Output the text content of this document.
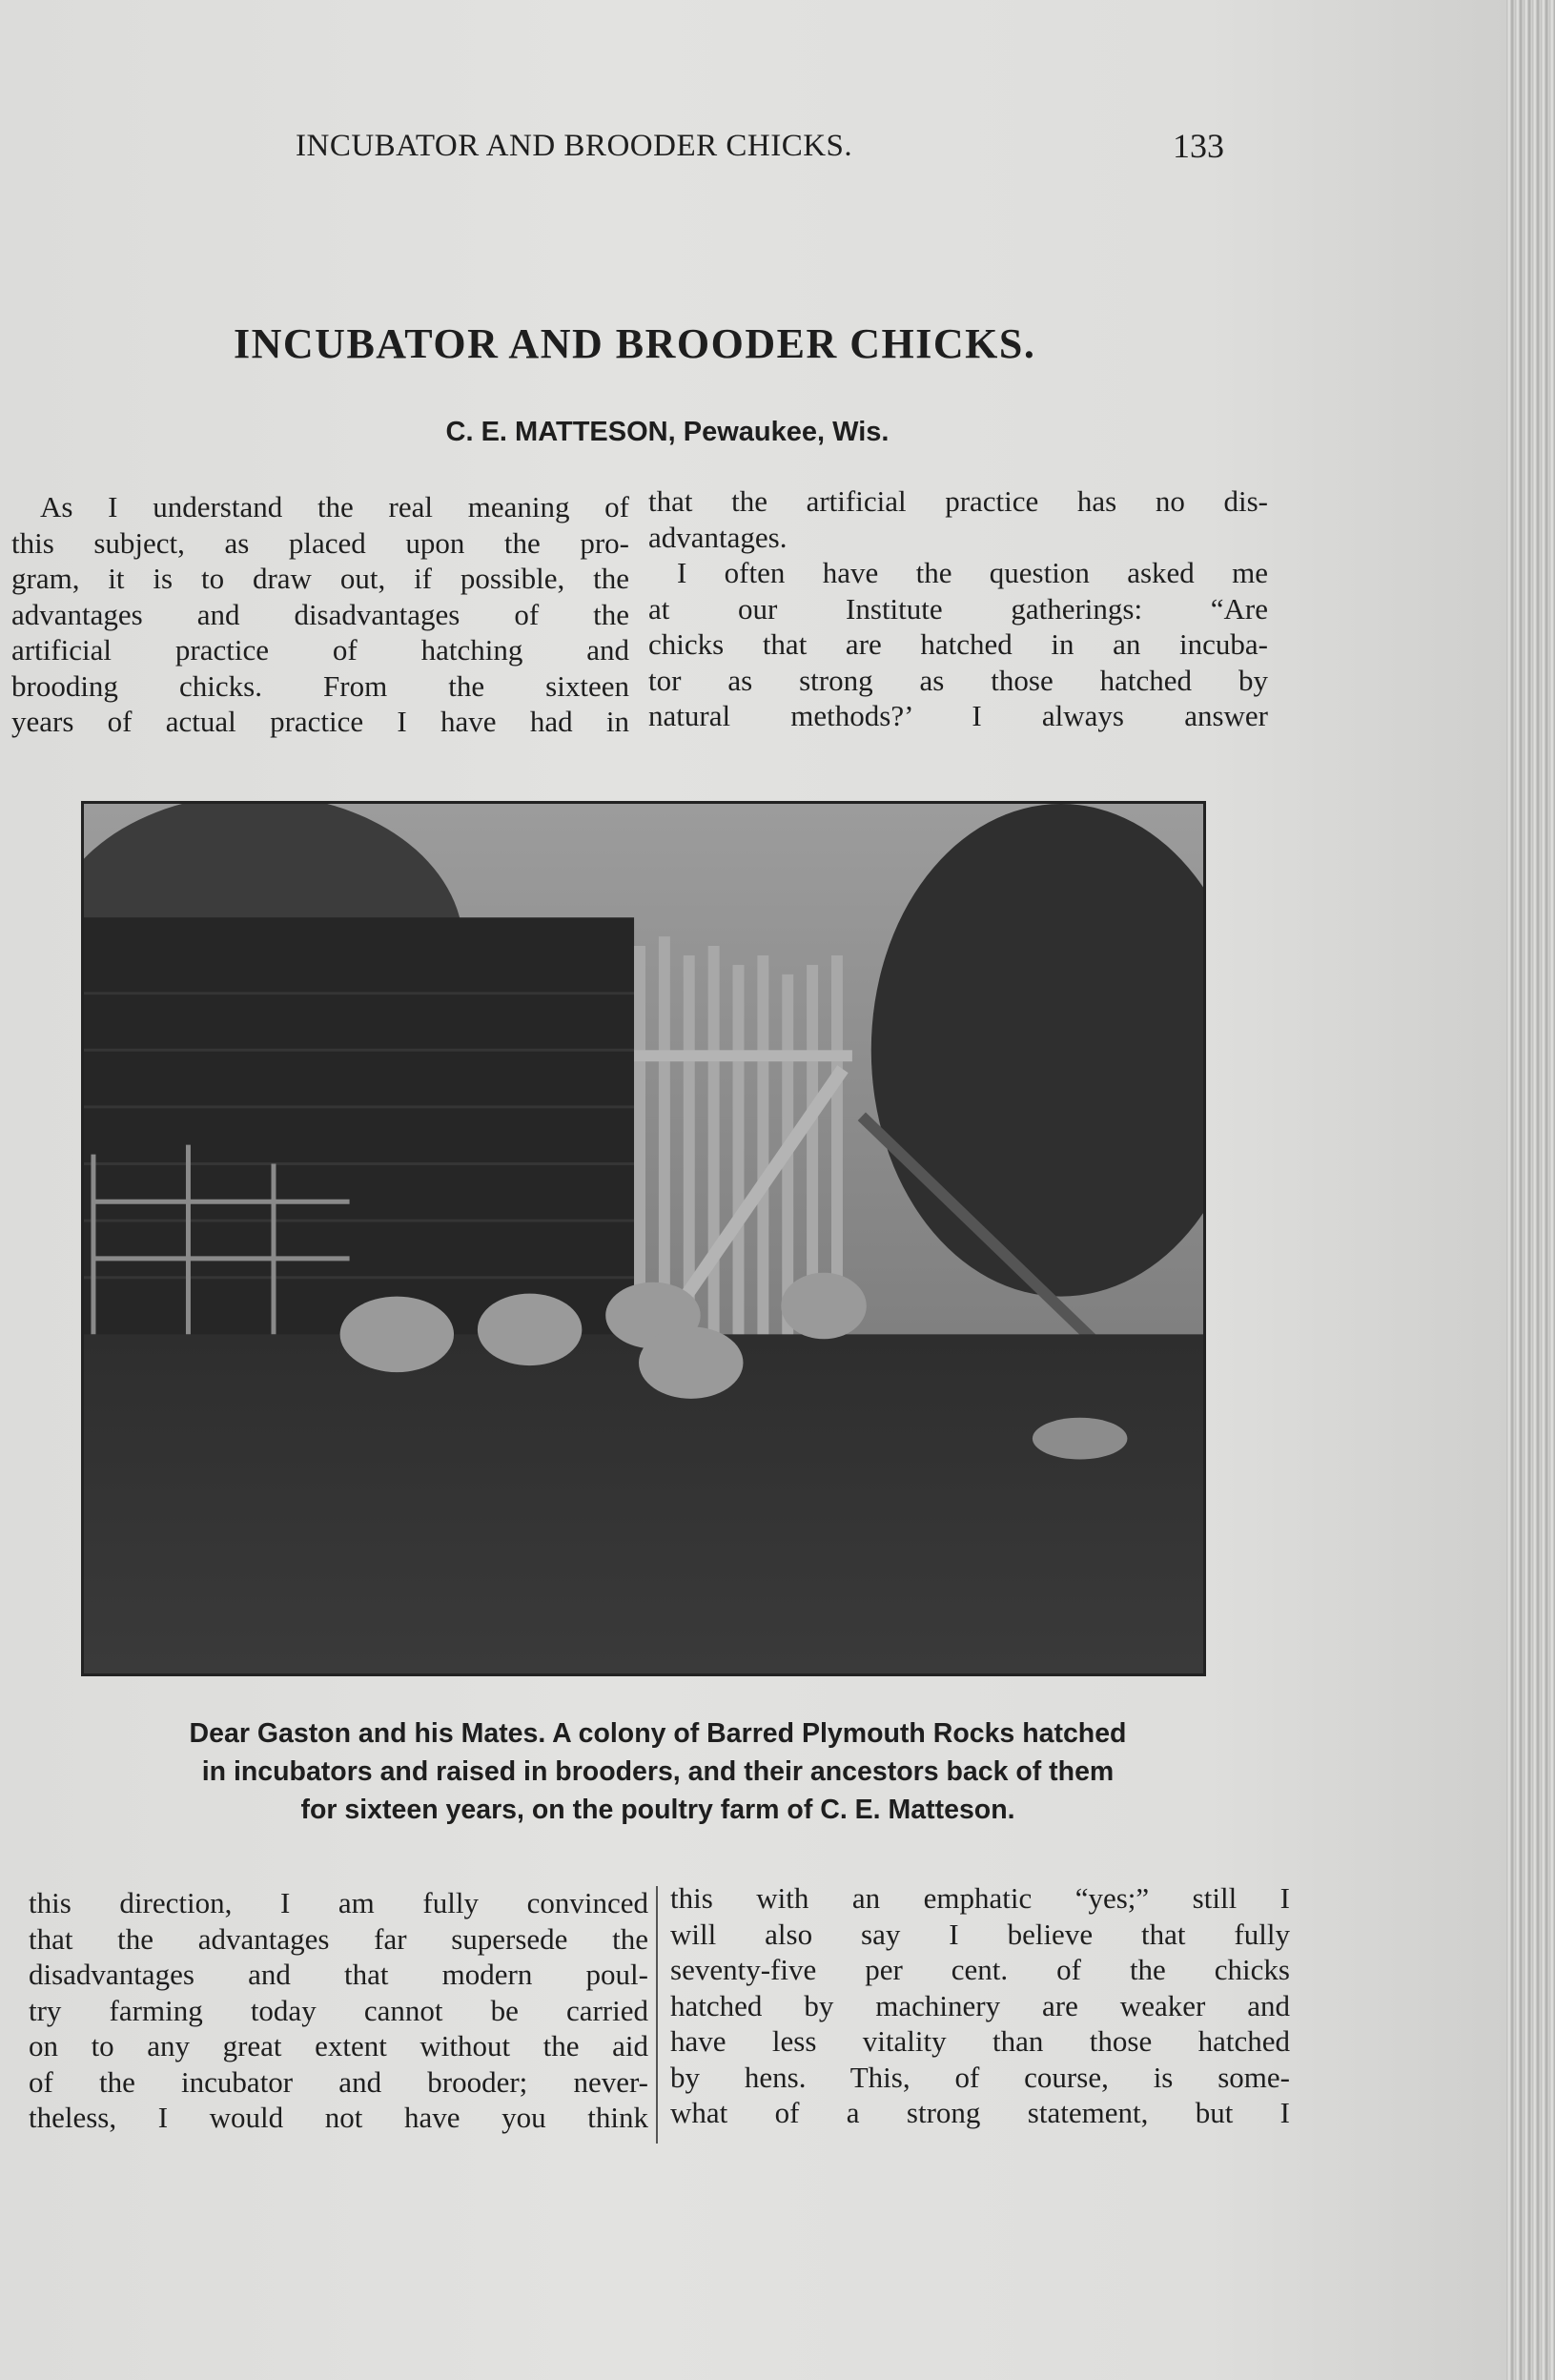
INCUBATOR AND BROODER CHICKS.	133
INCUBATOR AND BROODER CHICKS.
C. E. MATTESON, Pewaukee, Wis.

As I understand the real meaning of

this subject, as placed upon the pro-

gram, it is to draw out, if possible, the

advantages and disadvantages of the

artificial practice of hatching and

brooding chicks. From the sixteen

years of actual practice I have had in

that the artificial practice has no dis-

advantages.

I often have the question asked me

at our Institute gatherings: “Are

chicks that are hatched in an incuba-

tor as strong as those hatched by

natural methods?’ I always answer

Dear Gaston and his Mates. A colony of Barred Plymouth Rocks hatched
in incubators and raised in brooders, and their ancestors back of them
for sixteen years, on the poultry farm of C. E. Matteson.

this direction, I am fully convinced

that the advantages far supersede the

disadvantages and that modern poul-

try farming today cannot be carried

on to any great extent without the aid

of the incubator and brooder; never-

theless, I would not have you think

this with an emphatic “yes;” still I

will also say I believe that fully

seventy-five per cent. of the chicks

hatched by machinery are weaker and

have less vitality than those hatched

by hens. This, of course, is some-

what of a strong statement, but I
